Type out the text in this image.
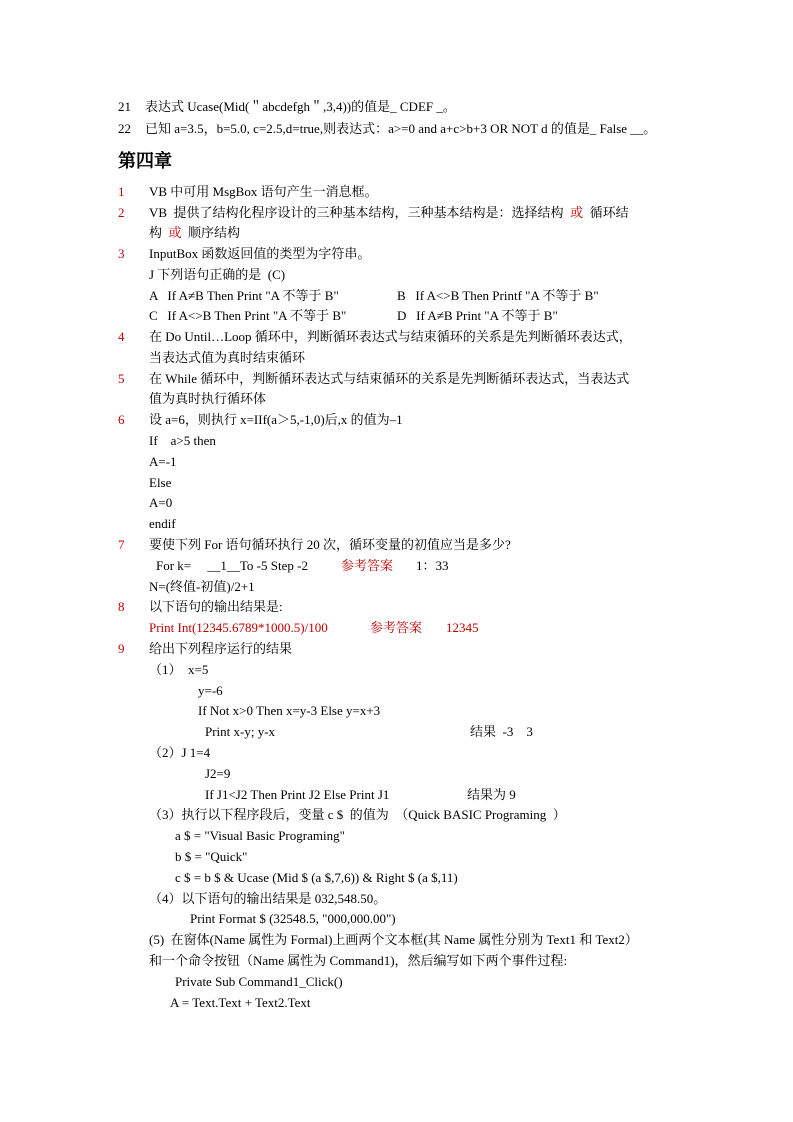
21 表达式 Ucase(Mid(＂abcdefgh＂,3,4))的值是_ CDEF _。
22 已知 a=3.5，b=5.0, c=2.5,d=true,则表达式：a>=0 and a+c>b+3 OR NOT d 的值是_ False __。
第四章
1 VB 中可用 MsgBox 语句产生一消息框。
2 VB  提供了结构化程序设计的三种基本结构，三种基本结构是：选择结构  或  循环结
构  或  顺序结构
3 InputBox 函数返回值的类型为字符串。
J 下列语句正确的是  (C)
A   If A≠B Then Print "A 不等于 B"	B   If A<>B Then Printf "A 不等于 B"
C   If A<>B Then Print "A 不等于 B"	D   If A≠B Print "A 不等于 B"
4 在 Do Until…Loop 循环中，判断循环表达式与结束循环的关系是先判断循环表达式，
当表达式值为真时结束循环
5 在 While 循环中，判断循环表达式与结束循环的关系是先判断循环表达式，当表达式
值为真时执行循环体
6 设 a=6，则执行 x=IIf(a＞5,-1,0)后,x 的值为–1
If    a>5 then
A=-1
Else
A=0
endif
7 要使下列 For 语句循环执行 20 次，循环变量的初值应当是多少?
For k=     __1__To -5 Step -2	参考答案 1：33
N=(终值-初值)/2+1
8 以下语句的输出结果是:
Print Int(12345.6789*1000.5)/100	参考答案 12345
9 给出下列程序运行的结果
（1）  x=5
y=-6
If Not x>0 Then x=y-3 Else y=x+3
Print x-y; y-x	结果  -3    3
（2）J 1=4
J2=9
If J1<J2 Then Print J2 Else Print J1	结果为 9
（3）执行以下程序段后，变量 c $  的值为  （Quick BASIC Programing  ）
a $ = "Visual Basic Programing"
b $ = "Quick"
c $ = b $ & Ucase (Mid $ (a $,7,6)) & Right $ (a $,11)
（4）以下语句的输出结果是 032,548.50。
Print Format $ (32548.5, "000,000.00")
(5)  在窗体(Name 属性为 Formal)上画两个文本框(其 Name 属性分别为 Text1 和 Text2）
和一个命令按钮（Name 属性为 Command1)，然后编写如下两个事件过程:
Private Sub Command1_Click()
A = Text.Text + Text2.Text
